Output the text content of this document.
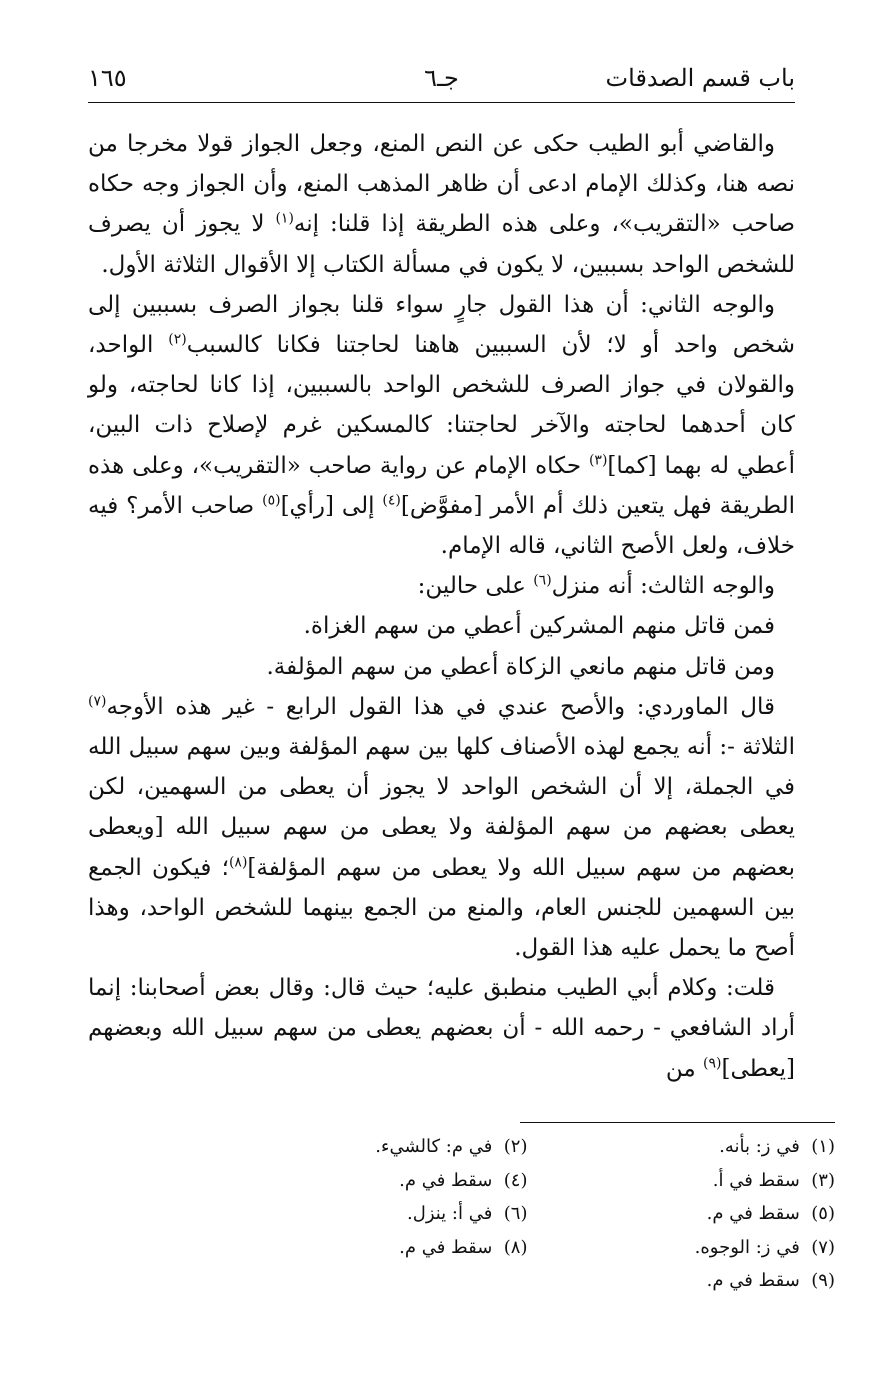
باب قسم الصدقات
جـ٦
١٦٥

والقاضي أبو الطيب حكى عن النص المنع، وجعل الجواز قولا مخرجا من نصه هنا، وكذلك الإمام ادعى أن ظاهر المذهب المنع، وأن الجواز وجه حكاه صاحب «التقريب»، وعلى هذه الطريقة إذا قلنا: إنه$^{(١)}$ لا يجوز أن يصرف للشخص الواحد بسببين، لا يكون في مسألة الكتاب إلا الأقوال الثلاثة الأول.

والوجه الثاني: أن هذا القول جارٍ سواء قلنا بجواز الصرف بسببين إلى شخص واحد أو لا؛ لأن السببين هاهنا لحاجتنا فكانا كالسبب$^{(٢)}$ الواحد، والقولان في جواز الصرف للشخص الواحد بالسببين، إذا كانا لحاجته، ولو كان أحدهما لحاجته والآخر لحاجتنا: كالمسكين غرم لإصلاح ذات البين، أعطي له بهما [كما]$^{(٣)}$ حكاه الإمام عن رواية صاحب «التقريب»، وعلى هذه الطريقة فهل يتعين ذلك أم الأمر [مفوَّض]$^{(٤)}$ إلى [رأي]$^{(٥)}$ صاحب الأمر؟ فيه خلاف، ولعل الأصح الثاني، قاله الإمام.

والوجه الثالث: أنه منزل$^{(٦)}$ على حالين:

فمن قاتل منهم المشركين أعطي من سهم الغزاة.

ومن قاتل منهم مانعي الزكاة أعطي من سهم المؤلفة.

قال الماوردي: والأصح عندي في هذا القول الرابع - غير هذه الأوجه$^{(٧)}$ الثلاثة -: أنه يجمع لهذه الأصناف كلها بين سهم المؤلفة وبين سهم سبيل الله في الجملة، إلا أن الشخص الواحد لا يجوز أن يعطى من السهمين، لكن يعطى بعضهم من سهم المؤلفة ولا يعطى من سهم سبيل الله [ويعطى بعضهم من سهم سبيل الله ولا يعطى من سهم المؤلفة]$^{(٨)}$؛ فيكون الجمع بين السهمين للجنس العام، والمنع من الجمع بينهما للشخص الواحد، وهذا أصح ما يحمل عليه هذا القول.

قلت: وكلام أبي الطيب منطبق عليه؛ حيث قال: وقال بعض أصحابنا: إنما أراد الشافعي - رحمه الله - أن بعضهم يعطى من سهم سبيل الله وبعضهم [يعطى]$^{(٩)}$ من

(١)  في ز: بأنه.
(٢)  في م: كالشيء.
(٣)  سقط في أ.
(٤)  سقط في م.
(٥)  سقط في م.
(٦)  في أ: ينزل.
(٧)  في ز: الوجوه.
(٨)  سقط في م.
(٩)  سقط في م.
